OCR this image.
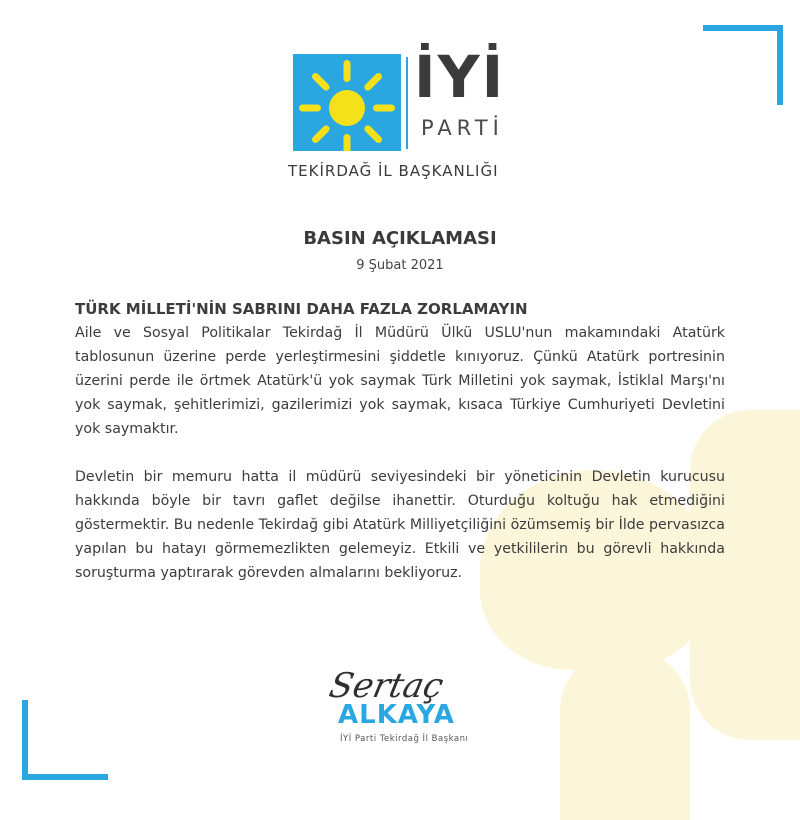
İYİ
PARTİ
TEKİRDAĞ İL BAŞKANLIĞI
BASIN AÇIKLAMASI
9 Şubat 2021
TÜRK MİLLETİ'NİN SABRINI DAHA FAZLA ZORLAMAYIN

Aile ve Sosyal Politikalar Tekirdağ İl Müdürü Ülkü USLU'nun makamındaki Atatürk tablosunun üzerine perde yerleştirmesini şiddetle kınıyoruz. Çünkü Atatürk portresinin üzerini perde ile örtmek Atatürk'ü yok saymak Türk Milletini yok saymak, İstiklal Marşı'nı yok saymak, şehitlerimizi, gazilerimizi yok saymak, kısaca Türkiye Cumhuriyeti Devletini yok saymaktır.

Devletin bir memuru hatta il müdürü seviyesindeki bir yöneticinin Devletin kurucusu hakkında böyle bir tavrı gaflet değilse ihanettir. Oturduğu koltuğu hak etmediğini göstermektir. Bu nedenle Tekirdağ gibi Atatürk Milliyetçiliğini özümsemiş bir İlde pervasızca yapılan bu hatayı görmemezlikten gelemeyiz. Etkili ve yetkililerin bu görevli hakkında soruşturma yaptırarak görevden almalarını bekliyoruz.

Sertaç
ALKAYA
İYİ Parti Tekirdağ İl Başkanı
